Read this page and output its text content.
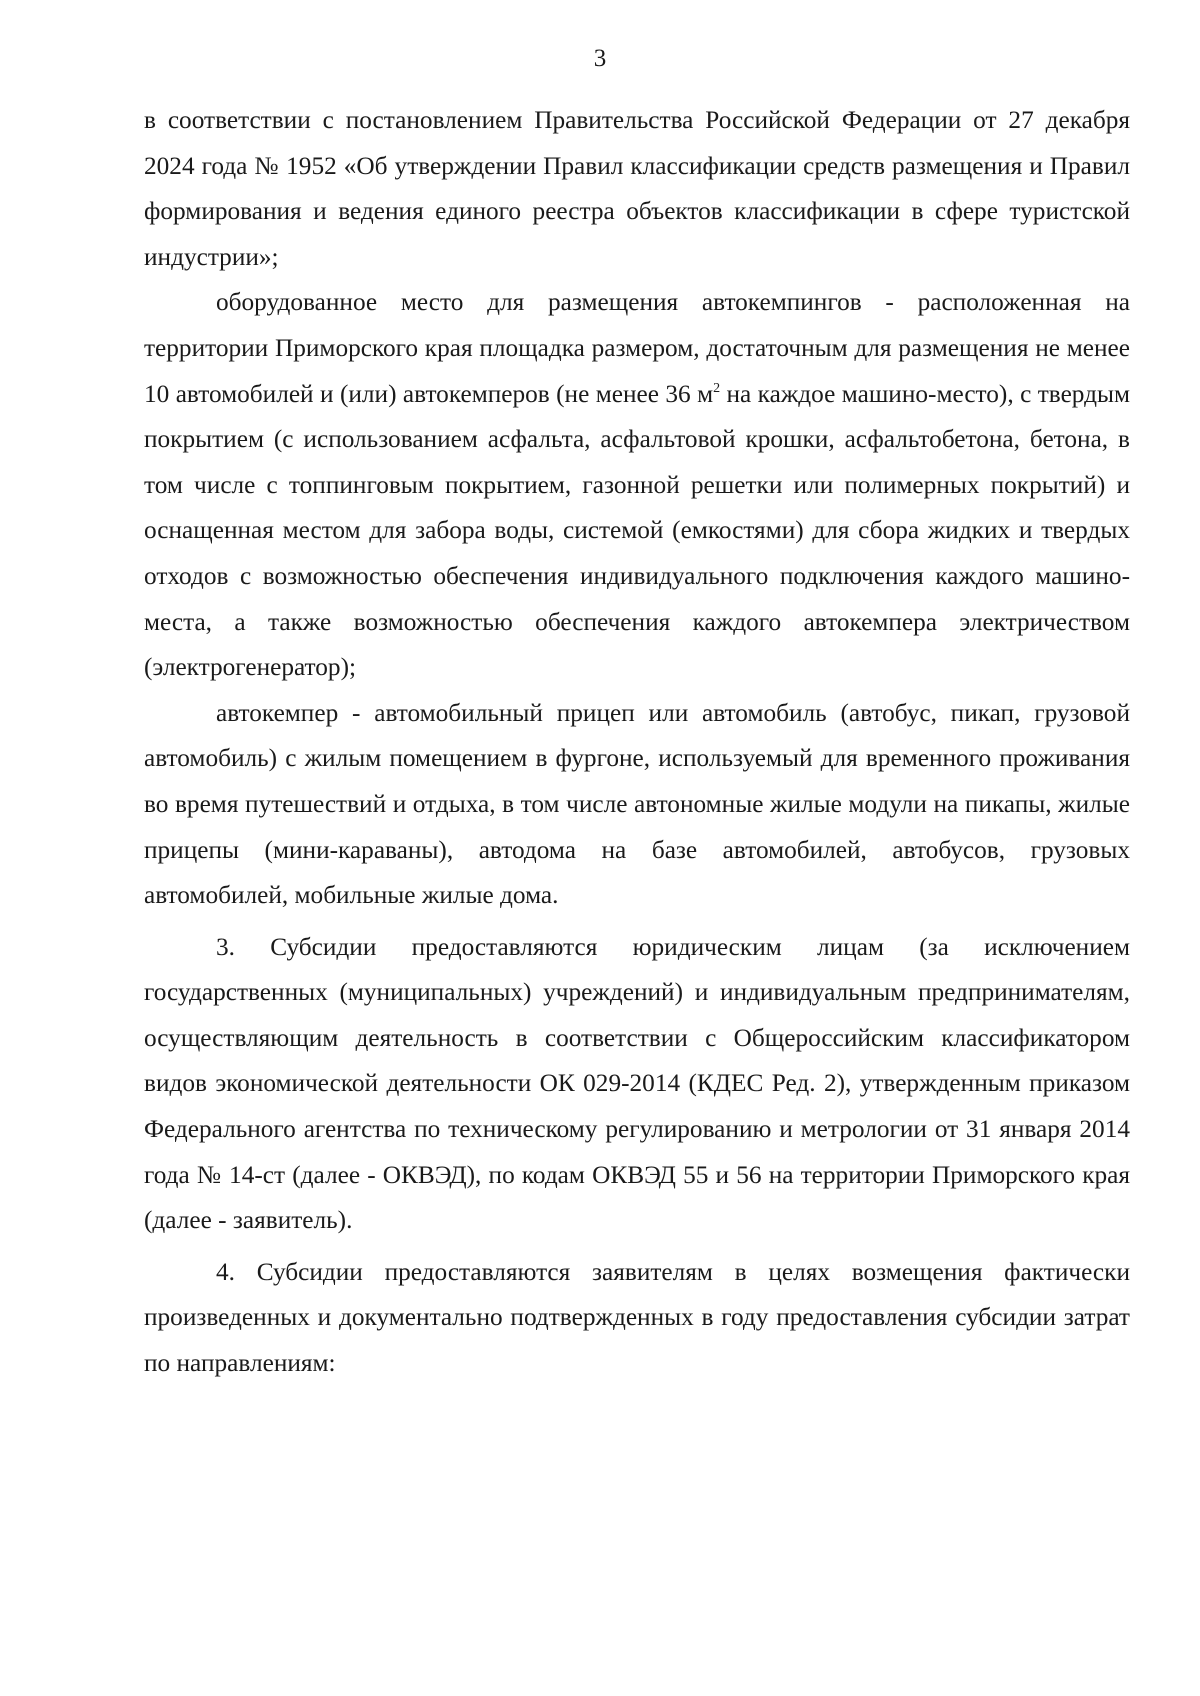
3

в соответствии с постановлением Правительства Российской Федерации от 27 декабря 2024 года № 1952 «Об утверждении Правил классификации средств размещения и Правил формирования и ведения единого реестра объектов классификации в сфере туристской индустрии»;

оборудованное место для размещения автокемпингов - расположенная на территории Приморского края площадка размером, достаточным для размещения не менее 10 автомобилей и (или) автокемперов (не менее 36 $м^2$ на каждое машино-место), с твердым покрытием (с использованием асфальта, асфальтовой крошки, асфальтобетона, бетона, в том числе с топпинговым покрытием, газонной решетки или полимерных покрытий) и оснащенная местом для забора воды, системой (емкостями) для сбора жидких и твердых отходов с возможностью обеспечения индивидуального подключения каждого машино-места, а также возможностью обеспечения каждого автокемпера электричеством (электрогенератор);

автокемпер - автомобильный прицеп или автомобиль (автобус, пикап, грузовой автомобиль) с жилым помещением в фургоне, используемый для временного проживания во время путешествий и отдыха, в том числе автономные жилые модули на пикапы, жилые прицепы (мини-караваны), автодома на базе автомобилей, автобусов, грузовых автомобилей, мобильные жилые дома.

3. Субсидии предоставляются юридическим лицам (за исключением государственных (муниципальных) учреждений) и индивидуальным предпринимателям, осуществляющим деятельность в соответствии с Общероссийским классификатором видов экономической деятельности ОК 029-2014 (КДЕС Ред. 2), утвержденным приказом Федерального агентства по техническому регулированию и метрологии от 31 января 2014 года № 14-ст (далее - ОКВЭД), по кодам ОКВЭД 55 и 56 на территории Приморского края (далее - заявитель).

4. Субсидии предоставляются заявителям в целях возмещения фактически произведенных и документально подтвержденных в году предоставления субсидии затрат по направлениям:
